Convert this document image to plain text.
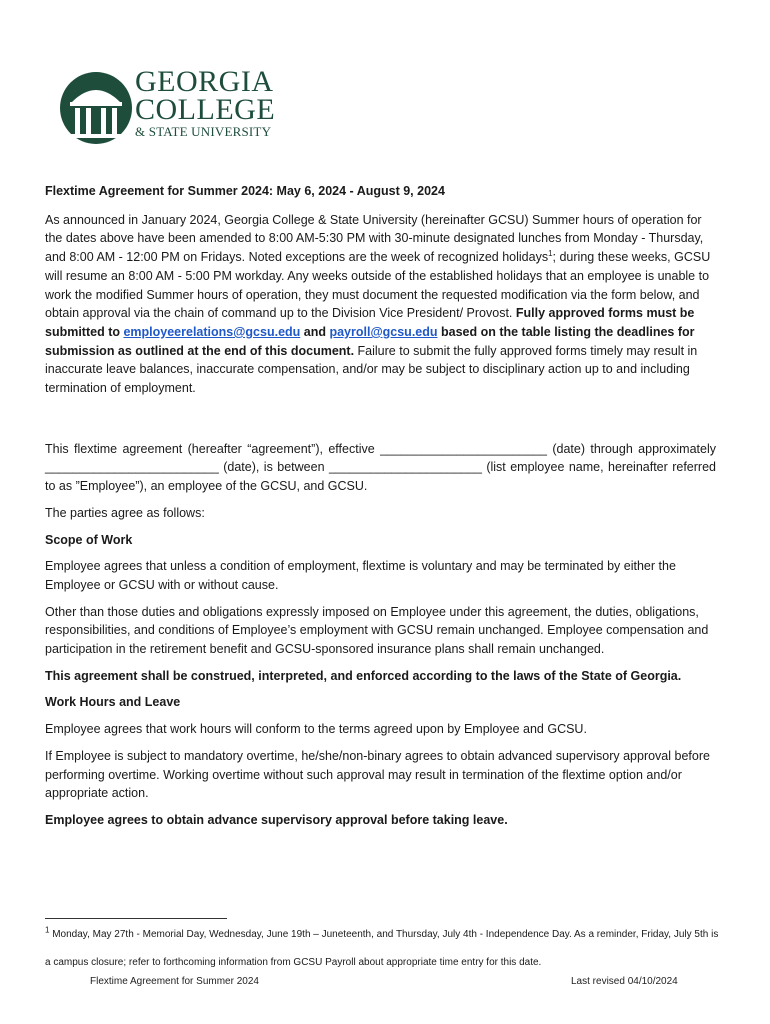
GEORGIA
COLLEGE
& STATE UNIVERSITY

Flextime Agreement for Summer 2024: May 6, 2024 - August 9, 2024

As announced in January 2024, Georgia College & State University (hereinafter GCSU) Summer hours of operation for the dates above have been amended to 8:00 AM-5:30 PM with 30-minute designated lunches from Monday - Thursday, and 8:00 AM - 12:00 PM on Fridays. Noted exceptions are the week of recognized holidays$^1$; during these weeks, GCSU will resume an 8:00 AM - 5:00 PM workday. Any weeks outside of the established holidays that an employee is unable to work the modified Summer hours of operation, they must document the requested modification via the form below, and obtain approval via the chain of command up to the Division Vice President/ Provost. Fully approved forms must be submitted to employeerelations@gcsu.edu and payroll@gcsu.edu based on the table listing the deadlines for submission as outlined at the end of this document. Failure to submit the fully approved forms timely may result in inaccurate leave balances, inaccurate compensation, and/or may be subject to disciplinary action up to and including termination of employment.

This flextime agreement (hereafter “agreement”), effective ________________________ (date) through approximately _________________________ (date), is between ______________________ (list employee name, hereinafter referred to as ”Employee”), an employee of the GCSU, and GCSU.

The parties agree as follows:

Scope of Work

Employee agrees that unless a condition of employment, flextime is voluntary and may be terminated by either the Employee or GCSU with or without cause.

Other than those duties and obligations expressly imposed on Employee under this agreement, the duties, obligations, responsibilities, and conditions of Employee’s employment with GCSU remain unchanged. Employee compensation and participation in the retirement benefit and GCSU-sponsored insurance plans shall remain unchanged.

This agreement shall be construed, interpreted, and enforced according to the laws of the State of Georgia.

Work Hours and Leave

Employee agrees that work hours will conform to the terms agreed upon by Employee and GCSU.

If Employee is subject to mandatory overtime, he/she/non-binary agrees to obtain advanced supervisory approval before performing overtime. Working overtime without such approval may result in termination of the flextime option and/or appropriate action.

Employee agrees to obtain advance supervisory approval before taking leave.

$^1$ Monday, May 27th - Memorial Day, Wednesday, June 19th – Juneteenth, and Thursday, July 4th - Independence Day. As a reminder, Friday, July 5th is a campus closure; refer to forthcoming information from GCSU Payroll about appropriate time entry for this date.
Flextime Agreement for Summer 2024	Last revised 04/10/2024
